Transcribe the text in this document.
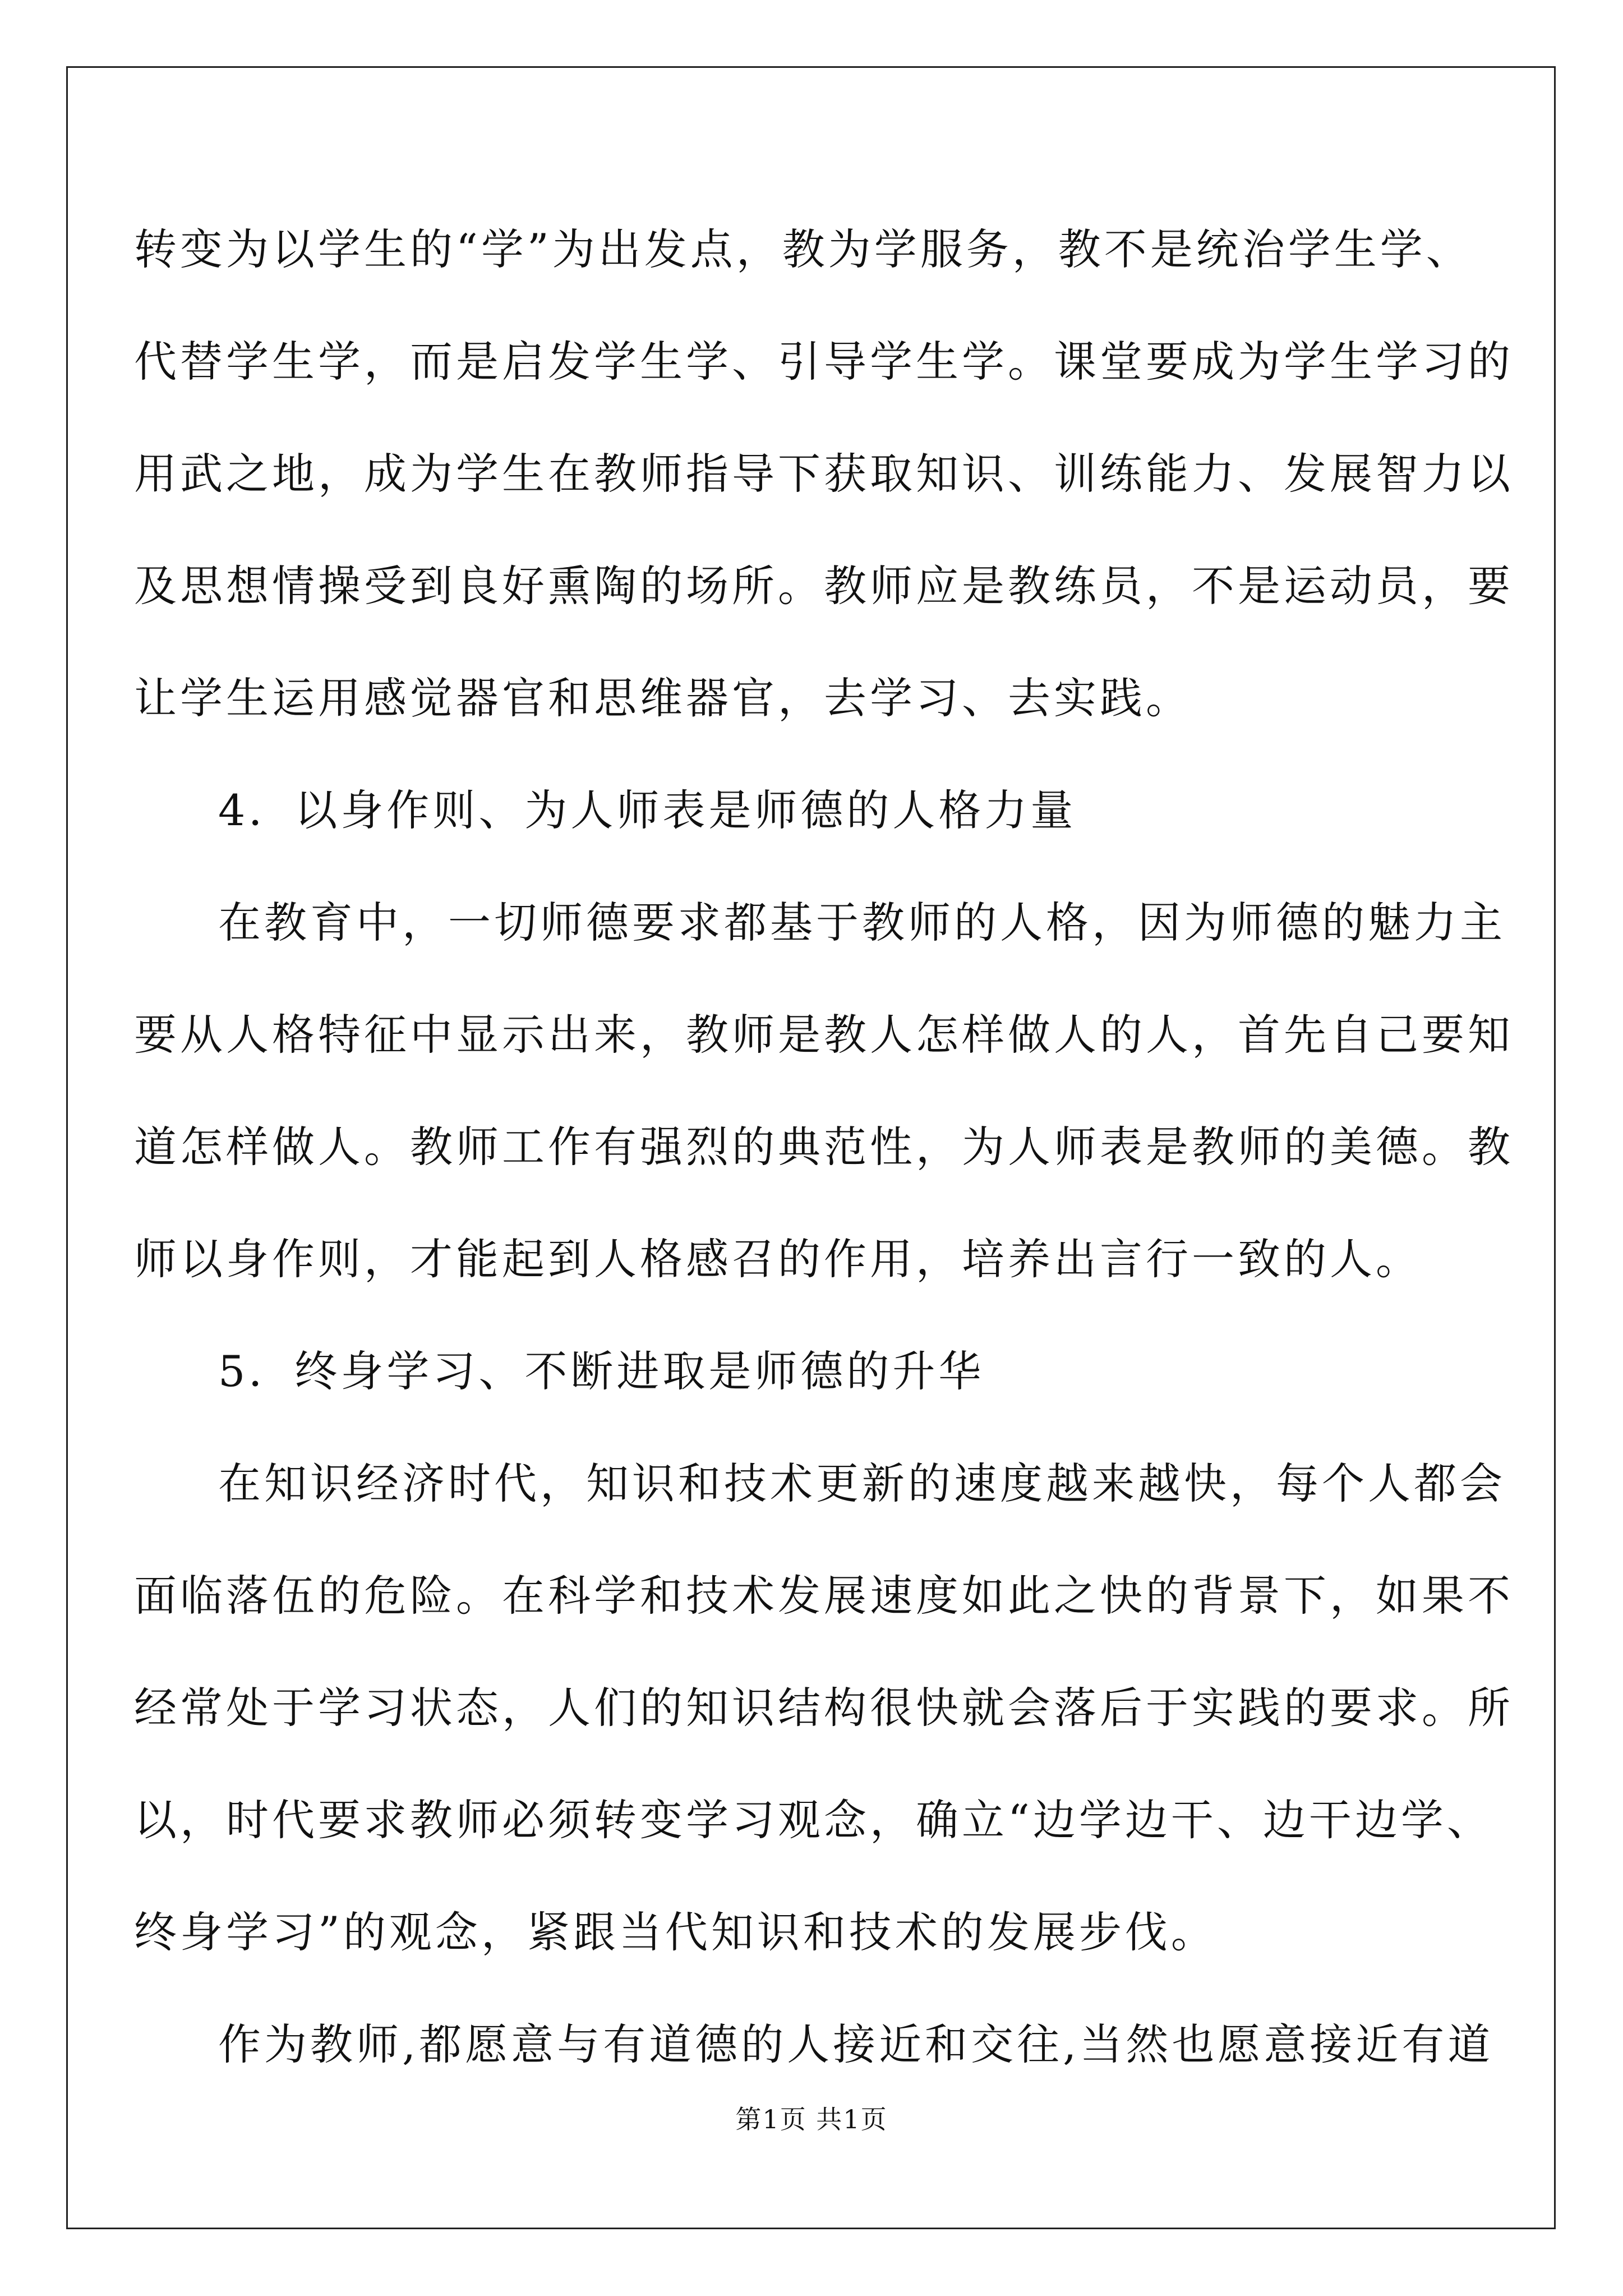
转变为以学生的“学”为出发点，教为学服务，教不是统治学生学、
代替学生学，而是启发学生学、引导学生学。课堂要成为学生学习的
用武之地，成为学生在教师指导下获取知识、训练能力、发展智力以
及思想情操受到良好熏陶的场所。教师应是教练员，不是运动员，要
让学生运用感觉器官和思维器官，去学习、去实践。
4．以身作则、为人师表是师德的人格力量
在教育中，一切师德要求都基于教师的人格，因为师德的魅力主
要从人格特征中显示出来，教师是教人怎样做人的人，首先自己要知
道怎样做人。教师工作有强烈的典范性，为人师表是教师的美德。教
师以身作则，才能起到人格感召的作用，培养出言行一致的人。
5．终身学习、不断进取是师德的升华
在知识经济时代，知识和技术更新的速度越来越快，每个人都会
面临落伍的危险。在科学和技术发展速度如此之快的背景下，如果不
经常处于学习状态，人们的知识结构很快就会落后于实践的要求。所
以，时代要求教师必须转变学习观念，确立“边学边干、边干边学、
终身学习”的观念，紧跟当代知识和技术的发展步伐。
作为教师,都愿意与有道德的人接近和交往,当然也愿意接近有道
第1页 共1页
